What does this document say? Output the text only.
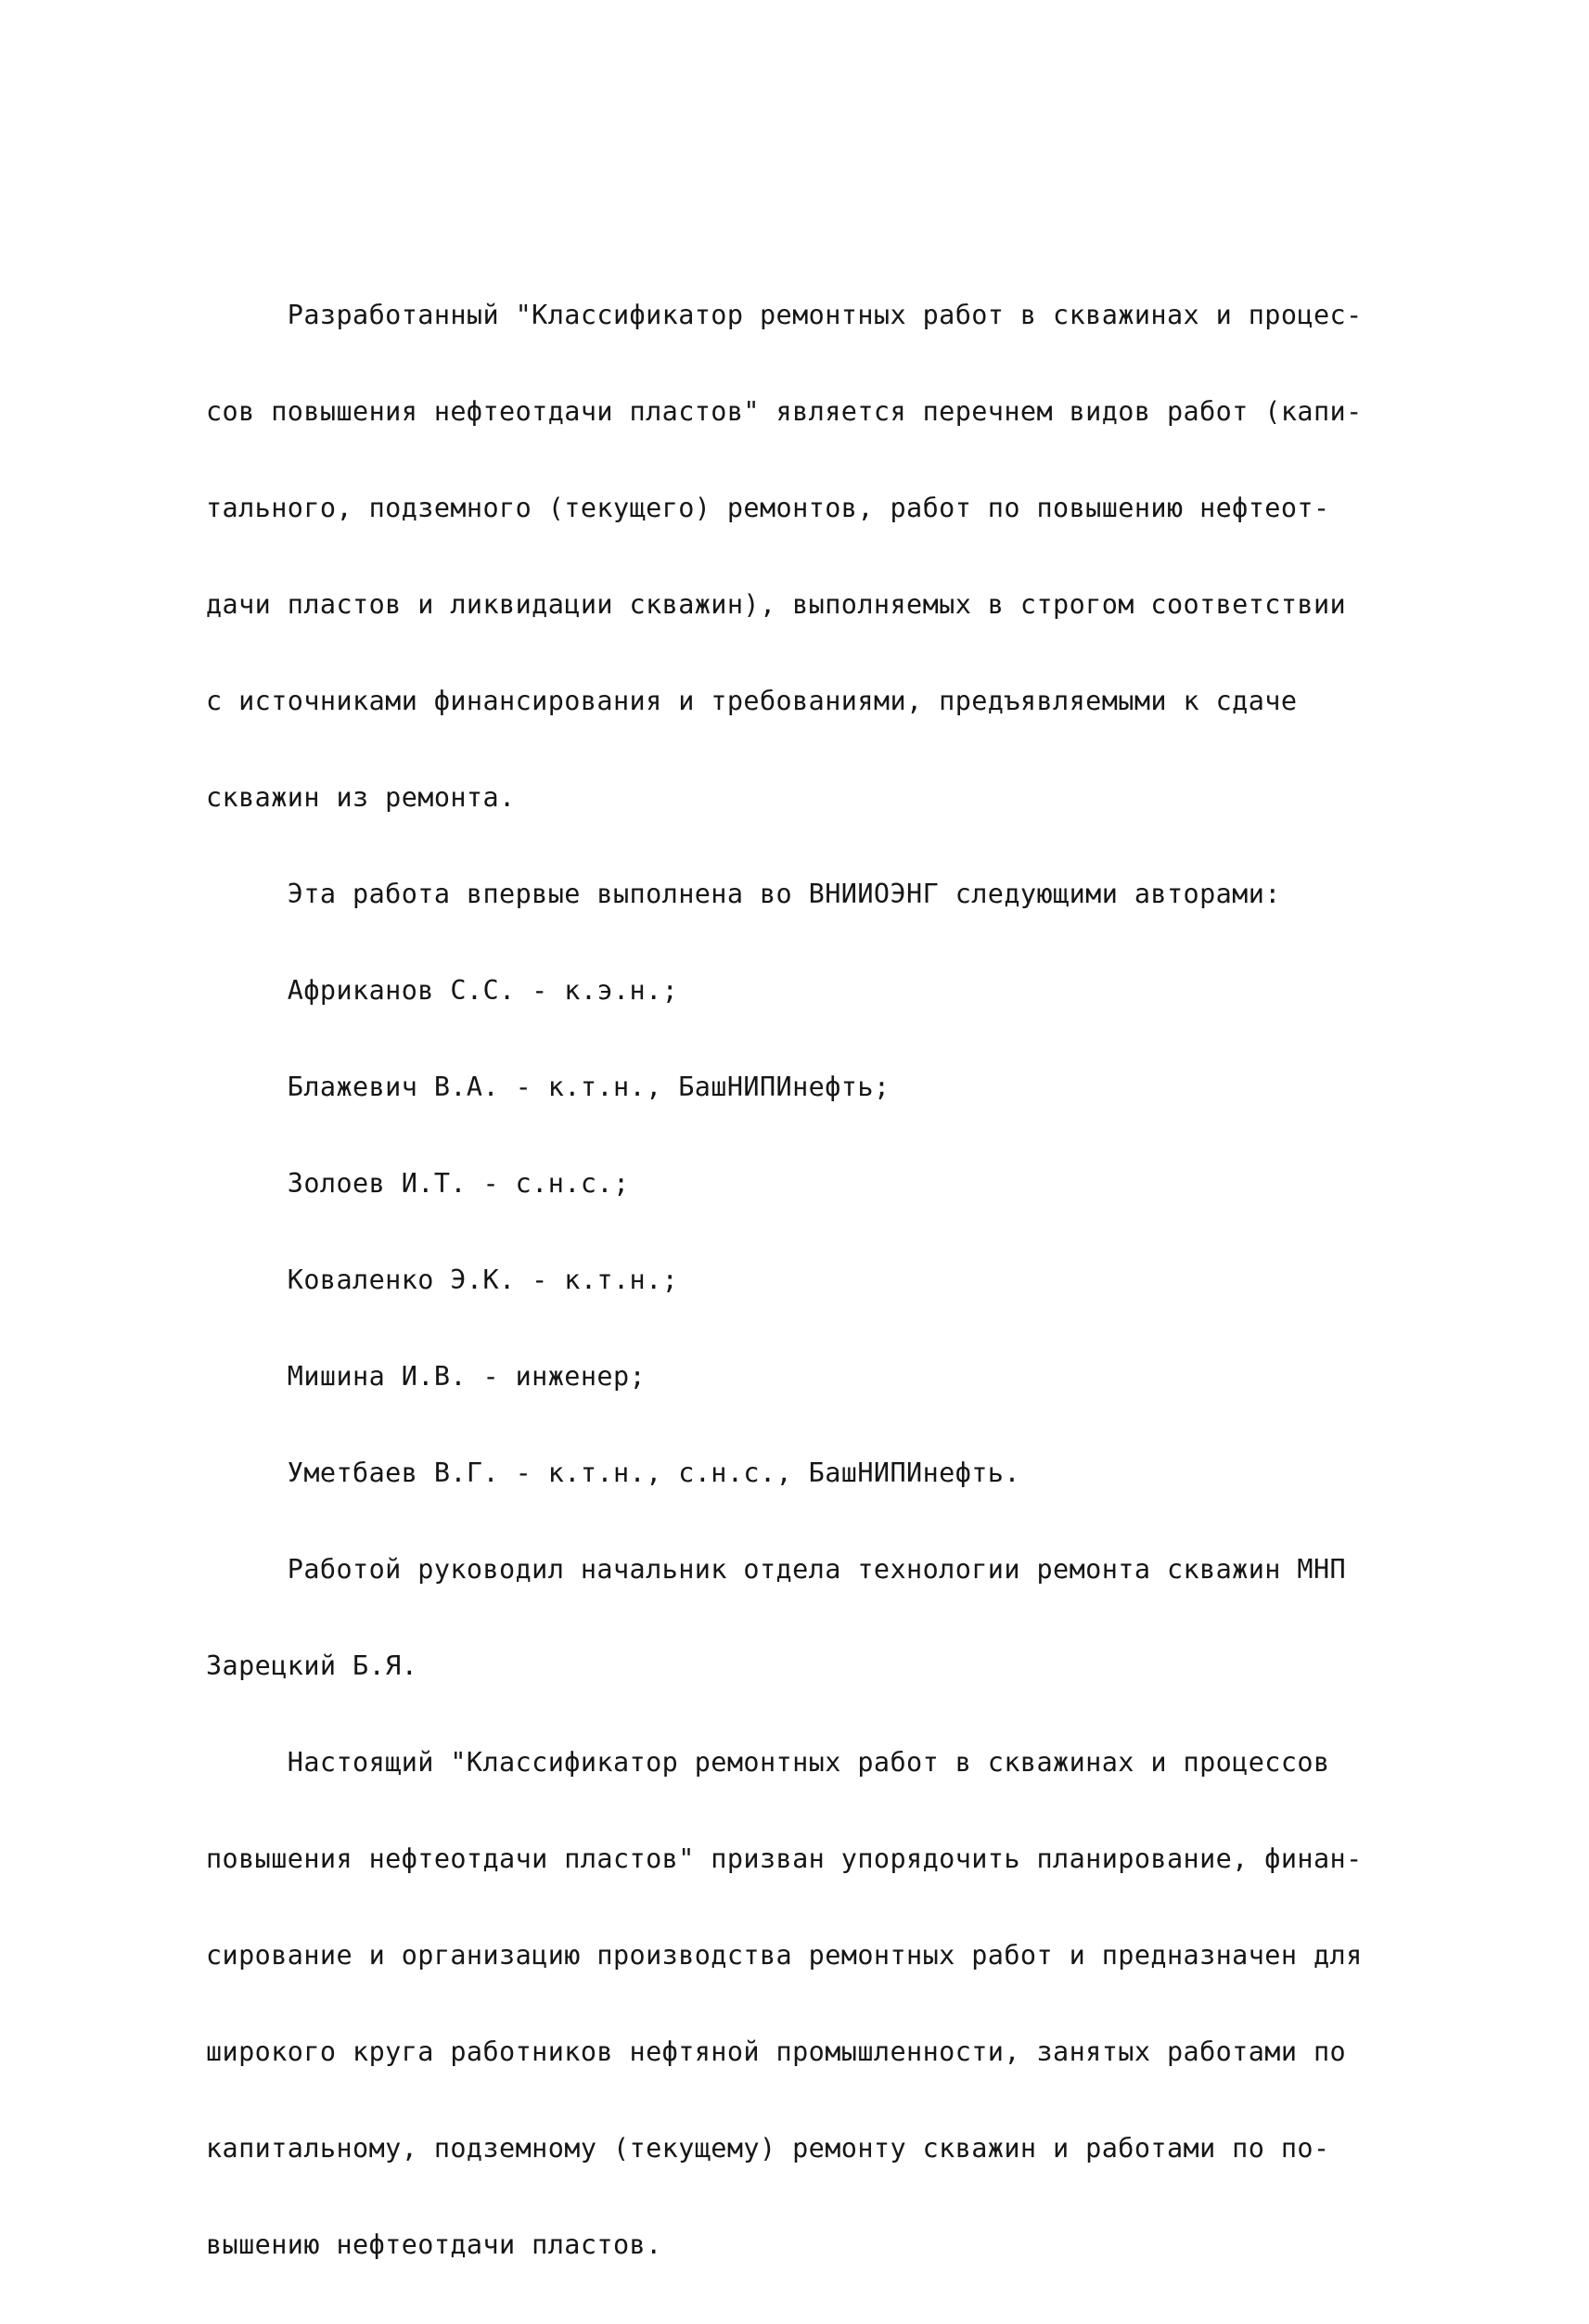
Разработанный "Классификатор ремонтных работ в скважинах и процес-

сов повышения нефтеотдачи пластов" является перечнем видов работ (капи-

тального, подземного (текущего) ремонтов, работ по повышению нефтеот-

дачи пластов и ликвидации скважин), выполняемых в строгом соответствии

с источниками финансирования и требованиями, предъявляемыми к сдаче

скважин из ремонта.

Эта работа впервые выполнена во ВНИИОЭНГ следующими авторами:

Африканов С.С. - к.э.н.;

Блажевич В.А. - к.т.н., БашНИПИнефть;

Золоев И.Т. - с.н.с.;

Коваленко Э.К. - к.т.н.;

Мишина И.В. - инженер;

Уметбаев В.Г. - к.т.н., с.н.с., БашНИПИнефть.

Работой руководил начальник отдела технологии ремонта скважин МНП

Зарецкий Б.Я.

Настоящий "Классификатор ремонтных работ в скважинах и процессов

повышения нефтеотдачи пластов" призван упорядочить планирование, финан-

сирование и организацию производства ремонтных работ и предназначен для

широкого круга работников нефтяной промышленности, занятых работами по

капитальному, подземному (текущему) ремонту скважин и работами по по-

вышению нефтеотдачи пластов.
